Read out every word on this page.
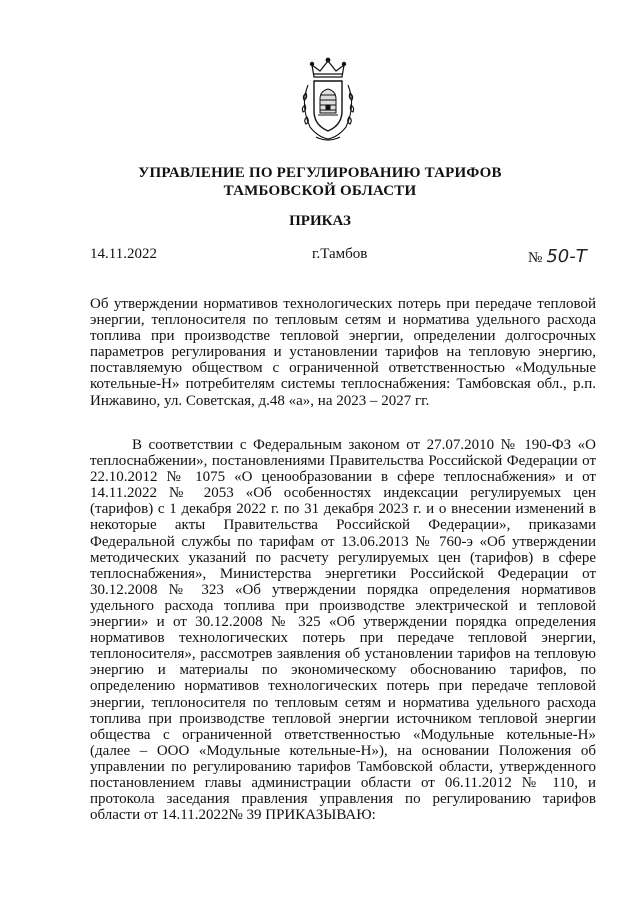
УПРАВЛЕНИЕ ПО РЕГУЛИРОВАНИЮ ТАРИФОВ
ТАМБОВСКОЙ ОБЛАСТИ
ПРИКАЗ
14.11.2022	г.Тамбов	№ 50-Т
Об утверждении нормативов технологических потерь при передаче тепловой энергии, теплоносителя по тепловым сетям и норматива удельного расхода топлива при производстве тепловой энергии, определении долгосрочных параметров регулирования и установлении тарифов на тепловую энергию, поставляемую обществом с ограниченной ответственностью «Модульные котельные-Н» потребителям системы теплоснабжения: Тамбовская обл., р.п. Инжавино, ул. Советская, д.48 «а», на 2023 – 2027 гг.
В соответствии с Федеральным законом от 27.07.2010 № 190-ФЗ «О теплоснабжении», постановлениями Правительства Российской Федерации от 22.10.2012 № 1075 «О ценообразовании в сфере теплоснабжения» и от 14.11.2022 № 2053 «Об особенностях индексации регулируемых цен (тарифов) с 1 декабря 2022 г. по 31 декабря 2023 г. и о внесении изменений в некоторые акты Правительства Российской Федерации», приказами Федеральной службы по тарифам от 13.06.2013 № 760-э «Об утверждении методических указаний по расчету регулируемых цен (тарифов) в сфере теплоснабжения», Министерства энергетики Российской Федерации от 30.12.2008 № 323 «Об утверждении порядка определения нормативов удельного расхода топлива при производстве электрической и тепловой энергии» и от 30.12.2008 № 325 «Об утверждении порядка определения нормативов технологических потерь при передаче тепловой энергии, теплоносителя», рассмотрев заявления об установлении тарифов на тепловую энергию и материалы по экономическому обоснованию тарифов, по определению нормативов технологических потерь при передаче тепловой энергии, теплоносителя по тепловым сетям и норматива удельного расхода топлива при производстве тепловой энергии источником тепловой энергии общества с ограниченной ответственностью «Модульные котельные-Н» (далее – ООО «Модульные котельные-Н»), на основании Положения об управлении по регулированию тарифов Тамбовской области, утвержденного постановлением главы администрации области от 06.11.2012 № 110, и протокола заседания правления управления по регулированию тарифов области от 14.11.2022№ 39 ПРИКАЗЫВАЮ:
